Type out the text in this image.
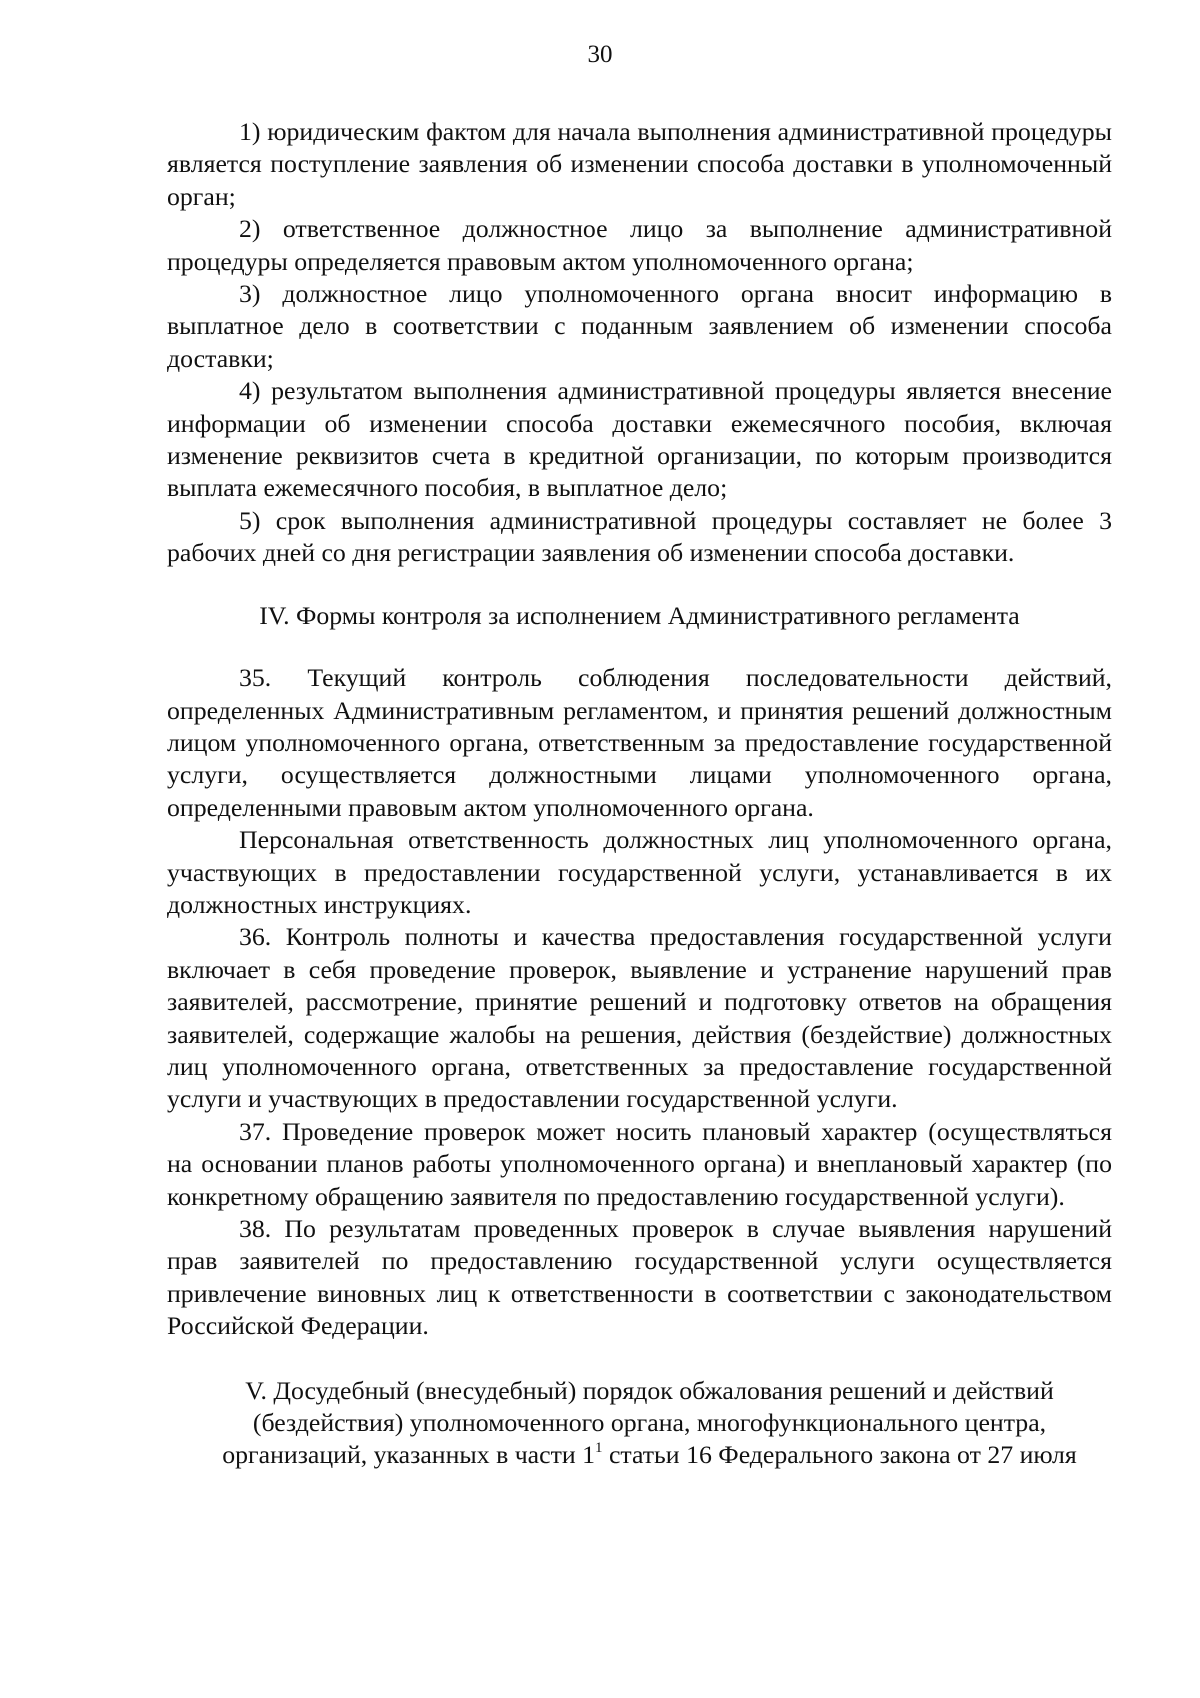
30

1) юридическим фактом для начала выполнения административной процедуры является поступление заявления об изменении способа доставки в уполномоченный орган;

2) ответственное должностное лицо за выполнение административной процедуры определяется правовым актом уполномоченного органа;

3) должностное лицо уполномоченного органа вносит информацию в выплатное дело в соответствии с поданным заявлением об изменении способа доставки;

4) результатом выполнения административной процедуры является внесение информации об изменении способа доставки ежемесячного пособия, включая изменение реквизитов счета в кредитной организации, по которым производится выплата ежемесячного пособия, в выплатное дело;

5) срок выполнения административной процедуры составляет не более 3 рабочих дней со дня регистрации заявления об изменении способа доставки.

IV. Формы контроля за исполнением Административного регламента

35. Текущий контроль соблюдения последовательности действий, определенных Административным регламентом, и принятия решений должностным лицом уполномоченного органа, ответственным за предоставление государственной услуги, осуществляется должностными лицами уполномоченного органа, определенными правовым актом уполномоченного органа.

Персональная ответственность должностных лиц уполномоченного органа, участвующих в предоставлении государственной услуги, устанавливается в их должностных инструкциях.

36. Контроль полноты и качества предоставления государственной услуги включает в себя проведение проверок, выявление и устранение нарушений прав заявителей, рассмотрение, принятие решений и подготовку ответов на обращения заявителей, содержащие жалобы на решения, действия (бездействие) должностных лиц уполномоченного органа, ответственных за предоставление государственной услуги и участвующих в предоставлении государственной услуги.

37. Проведение проверок может носить плановый характер (осуществляться на основании планов работы уполномоченного органа) и внеплановый характер (по конкретному обращению заявителя по предоставлению государственной услуги).

38. По результатам проведенных проверок в случае выявления нарушений прав заявителей по предоставлению государственной услуги осуществляется привлечение виновных лиц к ответственности в соответствии с законодательством Российской Федерации.

V. Досудебный (внесудебный) порядок обжалования решений и действий
(бездействия) уполномоченного органа, многофункционального центра,
организаций, указанных в части $1^1$ статьи 16 Федерального закона от 27 июля
